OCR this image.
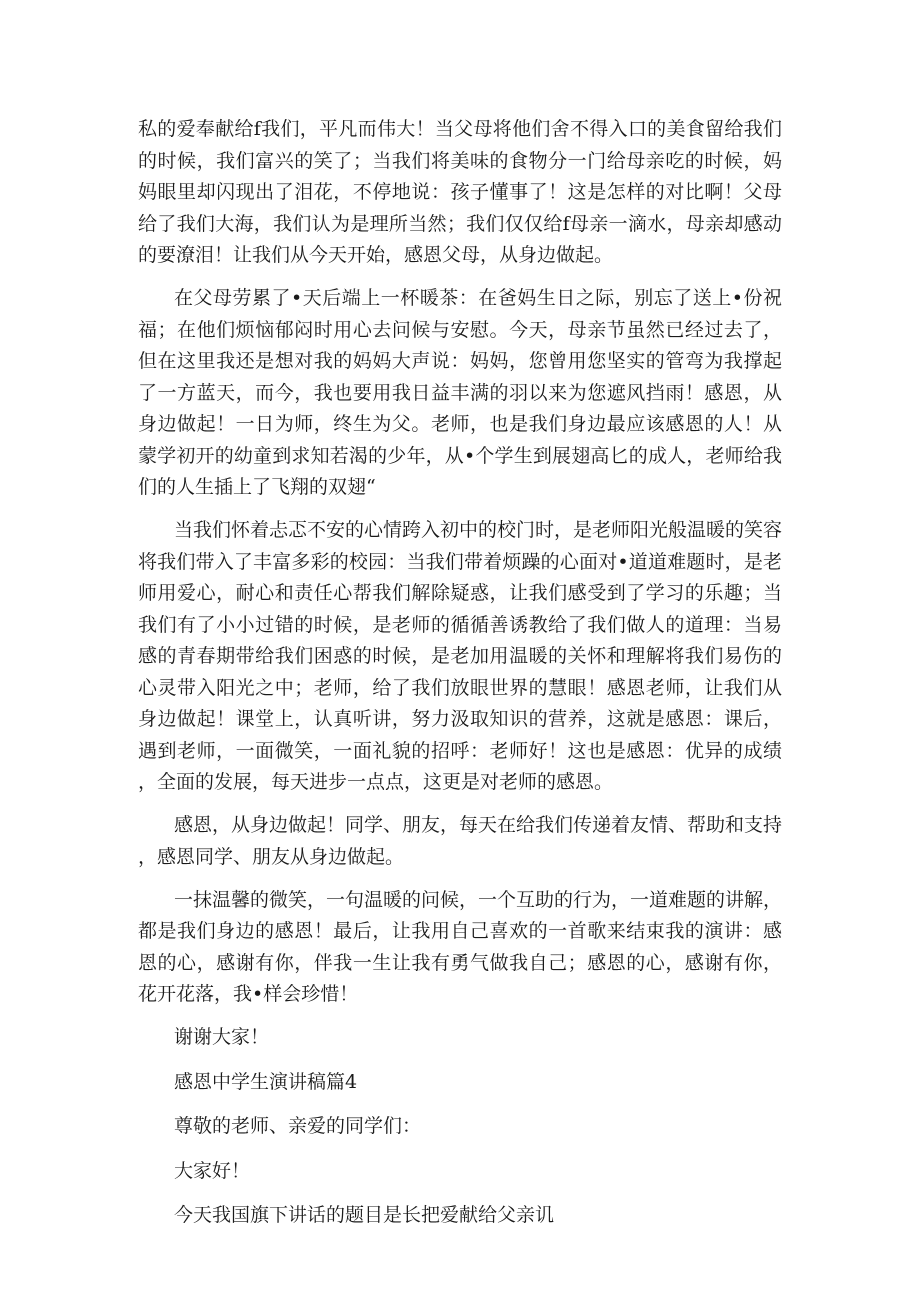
私的爱奉献给f我们，平凡而伟大！当父母将他们舍不得入口的美食留给我们的时候，我们富兴的笑了；当我们将美味的食物分一门给母亲吃的时候，妈妈眼里却闪现出了泪花，不停地说：孩子懂事了！这是怎样的对比啊！父母给了我们大海，我们认为是理所当然；我们仅仅给f母亲一滴水，母亲却感动的要潦泪！让我们从今天开始，感恩父母，从身边做起。

在父母劳累了•天后端上一杯暖茶：在爸妈生日之际，别忘了送上•份祝福；在他们烦恼郁闷时用心去问候与安慰。今天，母亲节虽然已经过去了，但在这里我还是想对我的妈妈大声说：妈妈，您曾用您坚实的管弯为我撑起了一方蓝天，而今，我也要用我日益丰满的羽以来为您遮风挡雨！感恩，从身边做起！一日为师，终生为父。老师，也是我们身边最应该感恩的人！从蒙学初开的幼童到求知若渴的少年，从•个学生到展翅高匕的成人，老师给我们的人生插上了飞翔的双翅“

当我们怀着忐忑不安的心情跨入初中的校门时，是老师阳光般温暖的笑容将我们带入了丰富多彩的校园：当我们带着烦躁的心面对•道道难题时，是老师用爱心，耐心和责任心帮我们解除疑惑，让我们感受到了学习的乐趣；当我们有了小小过错的时候，是老师的循循善诱教给了我们做人的道理：当易感的青春期带给我们困惑的时候，是老加用温暖的关怀和理解将我们易伤的心灵带入阳光之中；老师，给了我们放眼世界的慧眼！感恩老师，让我们从身边做起！课堂上，认真听讲，努力汲取知识的营养，这就是感恩：课后，遇到老师，一面微笑，一面礼貌的招呼：老师好！这也是感恩：优异的成绩，全面的发展，每天进步一点点，这更是对老师的感恩。

感恩，从身边做起！同学、朋友，每天在给我们传递着友情、帮助和支持，感恩同学、朋友从身边做起。

一抹温馨的微笑，一句温暖的问候，一个互助的行为，一道难题的讲解，都是我们身边的感恩！最后，让我用自己喜欢的一首歌来结束我的演讲：感恩的心，感谢有你，伴我一生让我有勇气做我自己；感恩的心，感谢有你，花开花落，我•样会珍惜！

谢谢大家！

感恩中学生演讲稿篇4

尊敬的老师、亲爱的同学们：

大家好！

今天我国旗下讲话的题目是长把爱献给父亲讥
